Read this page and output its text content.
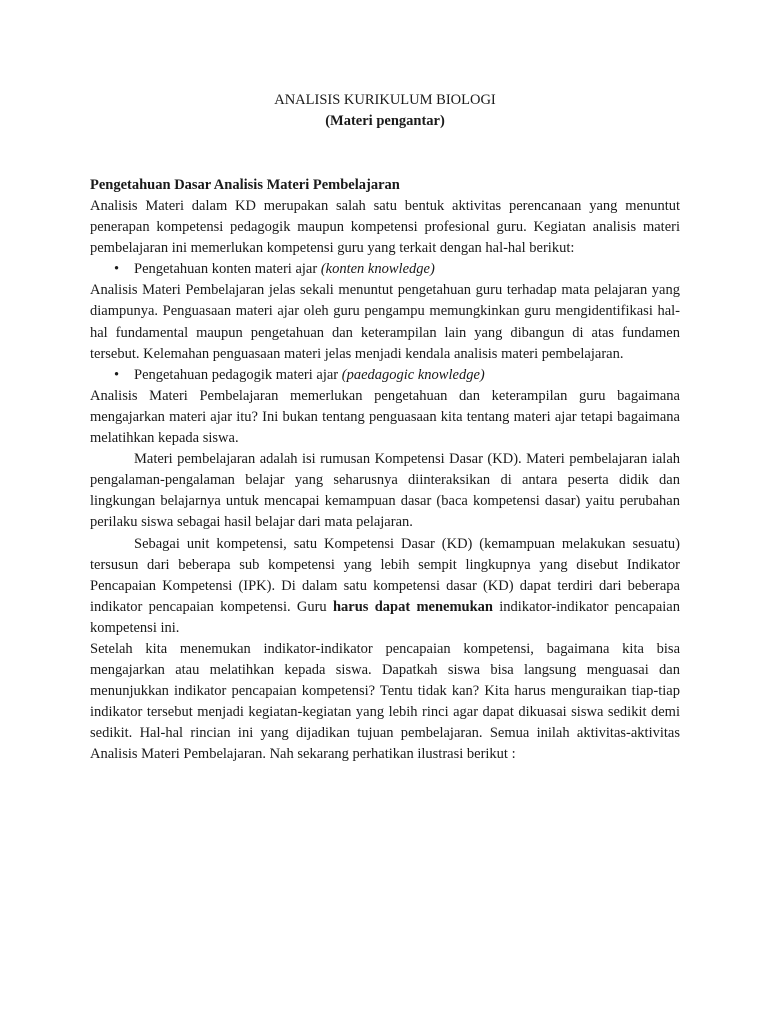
ANALISIS KURIKULUM BIOLOGI

(Materi pengantar)

Pengetahuan Dasar Analisis Materi Pembelajaran

Analisis Materi dalam KD merupakan salah satu bentuk aktivitas perencanaan yang menuntut penerapan kompetensi pedagogik maupun kompetensi profesional guru. Kegiatan analisis materi pembelajaran ini memerlukan kompetensi guru yang terkait dengan hal-hal berikut:

•	Pengetahuan konten materi ajar (konten knowledge)

Analisis Materi Pembelajaran jelas sekali menuntut pengetahuan guru terhadap mata pelajaran yang diampunya. Penguasaan materi ajar oleh guru pengampu memungkinkan guru mengidentifikasi hal-hal fundamental maupun pengetahuan dan keterampilan lain yang dibangun di atas fundamen tersebut. Kelemahan penguasaan materi jelas menjadi kendala analisis materi pembelajaran.

•	Pengetahuan pedagogik materi ajar (paedagogic knowledge)

Analisis Materi Pembelajaran memerlukan pengetahuan dan keterampilan guru bagaimana mengajarkan materi ajar itu? Ini bukan tentang penguasaan kita tentang materi ajar tetapi bagaimana melatihkan kepada siswa.

Materi pembelajaran adalah isi rumusan Kompetensi Dasar (KD). Materi pembelajaran ialah pengalaman-pengalaman belajar yang seharusnya diinteraksikan di antara peserta didik dan lingkungan belajarnya untuk mencapai kemampuan dasar (baca kompetensi dasar) yaitu perubahan perilaku siswa sebagai hasil belajar dari mata pelajaran.

Sebagai unit kompetensi, satu Kompetensi Dasar (KD) (kemampuan melakukan sesuatu) tersusun dari beberapa sub kompetensi yang lebih sempit lingkupnya yang disebut Indikator Pencapaian Kompetensi (IPK). Di dalam satu kompetensi dasar (KD) dapat terdiri dari beberapa indikator pencapaian kompetensi. Guru harus dapat menemukan indikator-indikator pencapaian kompetensi ini.

Setelah kita menemukan indikator-indikator pencapaian kompetensi, bagaimana kita bisa mengajarkan atau melatihkan kepada siswa. Dapatkah siswa bisa langsung menguasai dan menunjukkan indikator pencapaian kompetensi? Tentu tidak kan? Kita harus menguraikan tiap-tiap indikator tersebut menjadi kegiatan-kegiatan yang lebih rinci agar dapat dikuasai siswa sedikit demi sedikit. Hal-hal rincian ini yang dijadikan tujuan pembelajaran. Semua inilah aktivitas-aktivitas Analisis Materi Pembelajaran. Nah sekarang perhatikan ilustrasi berikut :
